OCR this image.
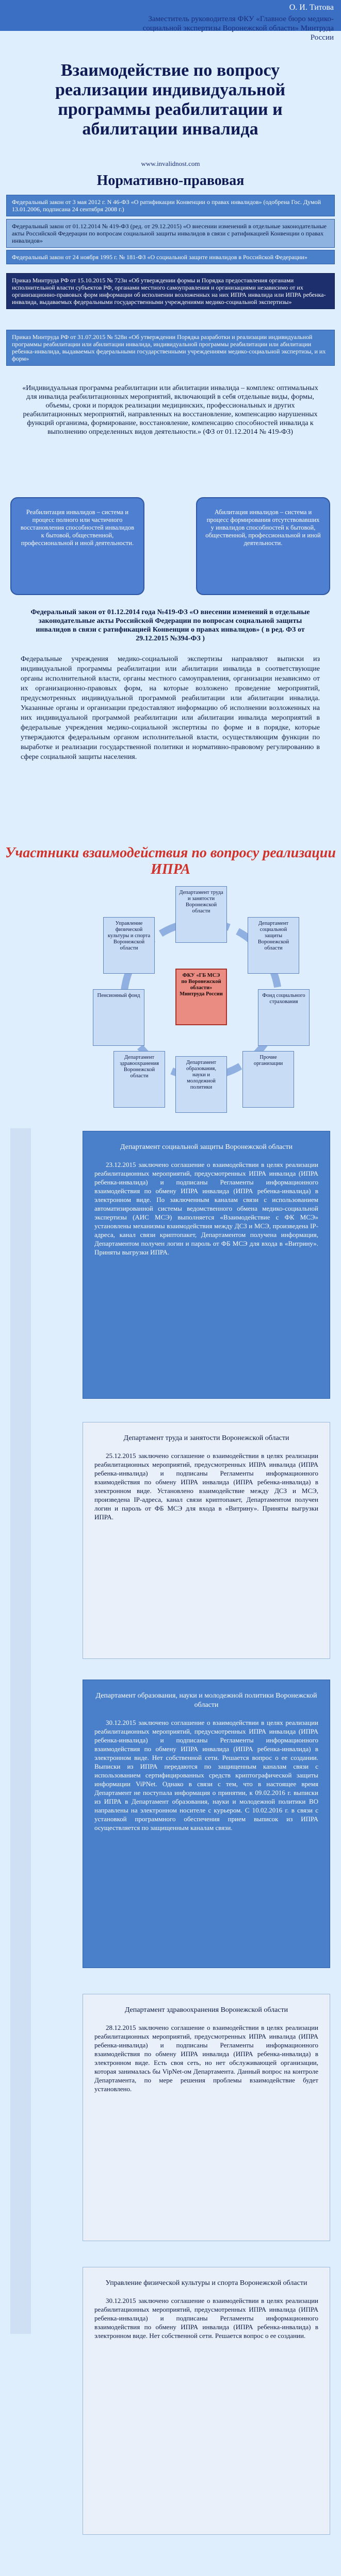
О. И. Титова
Заместитель руководителя ФКУ «Главное бюро медико-социальной экспертизы Воронежской области» Минтруда России
Взаимодействие по вопросу реализации индивидуальной программы реабилитации и абилитации инвалида
www.invalidnost.com
Нормативно-правовая
Федеральный закон от 3 мая 2012 г. N 46-ФЗ «О ратификации Конвенции о правах инвалидов» (одобрена Гос. Думой 13.01.2006, подписана 24 сентября 2008 г.)
Федеральный закон от 01.12.2014 № 419-ФЗ (ред. от 29.12.2015) «О внесении изменений в отдельные законодательные акты Российской Федерации по вопросам социальной защиты инвалидов в связи с ратификацией Конвенции о правах инвалидов»
Федеральный закон от 24 ноября 1995 г. № 181-ФЗ «О социальной защите инвалидов в Российской Федерации»
Приказ Минтруда РФ от 15.10.2015 № 723н «Об утверждении формы и Порядка предоставления органами исполнительной власти субъектов РФ, органами местного самоуправления и организациями независимо от их организационно-правовых форм информации об исполнении возложенных на них ИПРА инвалида или ИПРА ребенка-инвалида, выдаваемых федеральными государственными учреждениями медико-социальной экспертизы»
Приказ Минтруда РФ от 31.07.2015 № 528н «Об утверждении Порядка разработки и реализации индивидуальной программы реабилитации или абилитации инвалида, индивидуальной программы реабилитации или абилитации ребенка-инвалида, выдаваемых федеральными государственными учреждениями медико-социальной экспертизы, и их форм»
«Индивидуальная программа реабилитации или абилитации инвалида – комплекс оптимальных для инвалида реабилитационных мероприятий, включающий в себя отдельные виды, формы, объемы, сроки и порядок реализации медицинских, профессиональных и других реабилитационных мероприятий, направленных на восстановление, компенсацию нарушенных функций организма, формирование, восстановление, компенсацию способностей инвалида к выполнению определенных видов деятельности.» (ФЗ от 01.12.2014 № 419-ФЗ)
Реабилитация инвалидов – система и процесс полного или частичного восстановления способностей инвалидов к бытовой, общественной, профессиональной и иной деятельности.
Абилитация инвалидов – система и процесс формирования отсутствовавших у инвалидов способностей к бытовой, общественной, профессиональной и иной деятельности.
Федеральный закон от 01.12.2014 года №419-ФЗ «О внесении изменений в отдельные законодательные акты Российской Федерации по вопросам социальной защиты инвалидов в связи с ратификацией Конвенции о правах инвалидов» ( в ред. ФЗ от 29.12.2015 №394-ФЗ )
Федеральные учреждения медико-социальной экспертизы направляют выписки из индивидуальной программы реабилитации или абилитации инвалида в соответствующие органы исполнительной власти, органы местного самоуправления, организации независимо от их организационно-правовых форм, на которые возложено проведение мероприятий, предусмотренных индивидуальной программой реабилитации или абилитации инвалида. Указанные органы и организации предоставляют информацию об исполнении возложенных на них индивидуальной программой реабилитации или абилитации инвалида мероприятий в федеральные учреждения медико-социальной экспертизы по форме и в порядке, которые утверждаются федеральным органом исполнительной власти, осуществляющим функции по выработке и реализации государственной политики и нормативно-правовому регулированию в сфере социальной защиты населения.
Участники взаимодействия по вопросу реализации ИПРА
Департамент труда и занятости Воронежской области
Управление физической культуры и спорта Воронежской области
Департамент социальной защиты Воронежской области
Пенсионный фонд
ФКУ «ГБ МСЭ по Воронежской области» Минтруда России	Фонд социального страхования
Департамент здравоохранения Воронежской области
Департамент образования, науки и молодежной политики
Прочие организации
Департамент социальной защиты Воронежской области
23.12.2015 заключено соглашение о взаимодействии в целях реализации реабилитационных мероприятий, предусмотренных ИПРА инвалида (ИПРА ребенка-инвалида) и подписаны Регламенты информационного взаимодействия по обмену ИПРА инвалида (ИПРА ребенка-инвалида) в электронном виде. По заключенным каналам связи с использованием автоматизированной системы ведомственного обмена медико-социальной экспертизы (АИС МСЭ) выполняется «Взаимодействие с ФК МСЭ» установлены механизмы взаимодействия между ДСЗ и МСЭ, произведена IP-адреса, канал связи криптопакет, Департаментом получена информация, Департаментом получен логин и пароль от ФБ МСЭ для входа в «Витрину». Приняты выгрузки ИПРА.
Департамент труда и занятости Воронежской области
25.12.2015 заключено соглашение о взаимодействии в целях реализации реабилитационных мероприятий, предусмотренных ИПРА инвалида (ИПРА ребенка-инвалида) и подписаны Регламенты информационного взаимодействия по обмену ИПРА инвалида (ИПРА ребенка-инвалида) в электронном виде. Установлено взаимодействие между ДСЗ и МСЭ, произведена IP-адреса, канал связи криптопакет, Департаментом получен логин и пароль от ФБ МСЭ для входа в «Витрину». Приняты выгрузки ИПРА.
Департамент образования, науки и молодежной политики Воронежской области
30.12.2015 заключено соглашение о взаимодействии в целях реализации реабилитационных мероприятий, предусмотренных ИПРА инвалида (ИПРА ребенка-инвалида) и подписаны Регламенты информационного взаимодействия по обмену ИПРА инвалида (ИПРА ребенка-инвалида) в электронном виде. Нет собственной сети. Решается вопрос о ее создании. Выписки из ИПРА передаются по защищенным каналам связи с использованием сертифицированных средств криптографической защиты информации ViPNet. Однако в связи с тем, что в настоящее время Департамент не поступала информация о принятии, к 09.02.2016 г. выписки из ИПРА в Департамент образования, науки и молодежной политики ВО направлены на электронном носителе с курьером. С 10.02.2016 г. в связи с установкой программного обеспечения прием выписок из ИПРА осуществляется по защищенным каналам связи.
Департамент здравоохранения Воронежской области
28.12.2015 заключено соглашение о взаимодействии в целях реализации реабилитационных мероприятий, предусмотренных ИПРА инвалида (ИПРА ребенка-инвалида) и подписаны Регламенты информационного взаимодействия по обмену ИПРА инвалида (ИПРА ребенка-инвалида) в электронном виде. Есть своя сеть, но нет обслуживающей организации, которая занималась бы VipNet-ом Департамента. Данный вопрос на контроле Департамента, по мере решения проблемы взаимодействие будет установлено.
Управление физической культуры и спорта Воронежской области
30.12.2015 заключено соглашение о взаимодействии в целях реализации реабилитационных мероприятий, предусмотренных ИПРА инвалида (ИПРА ребенка-инвалида) и подписаны Регламенты информационного взаимодействия по обмену ИПРА инвалида (ИПРА ребенка-инвалида) в электронном виде. Нет собственной сети. Решается вопрос о ее создании.
